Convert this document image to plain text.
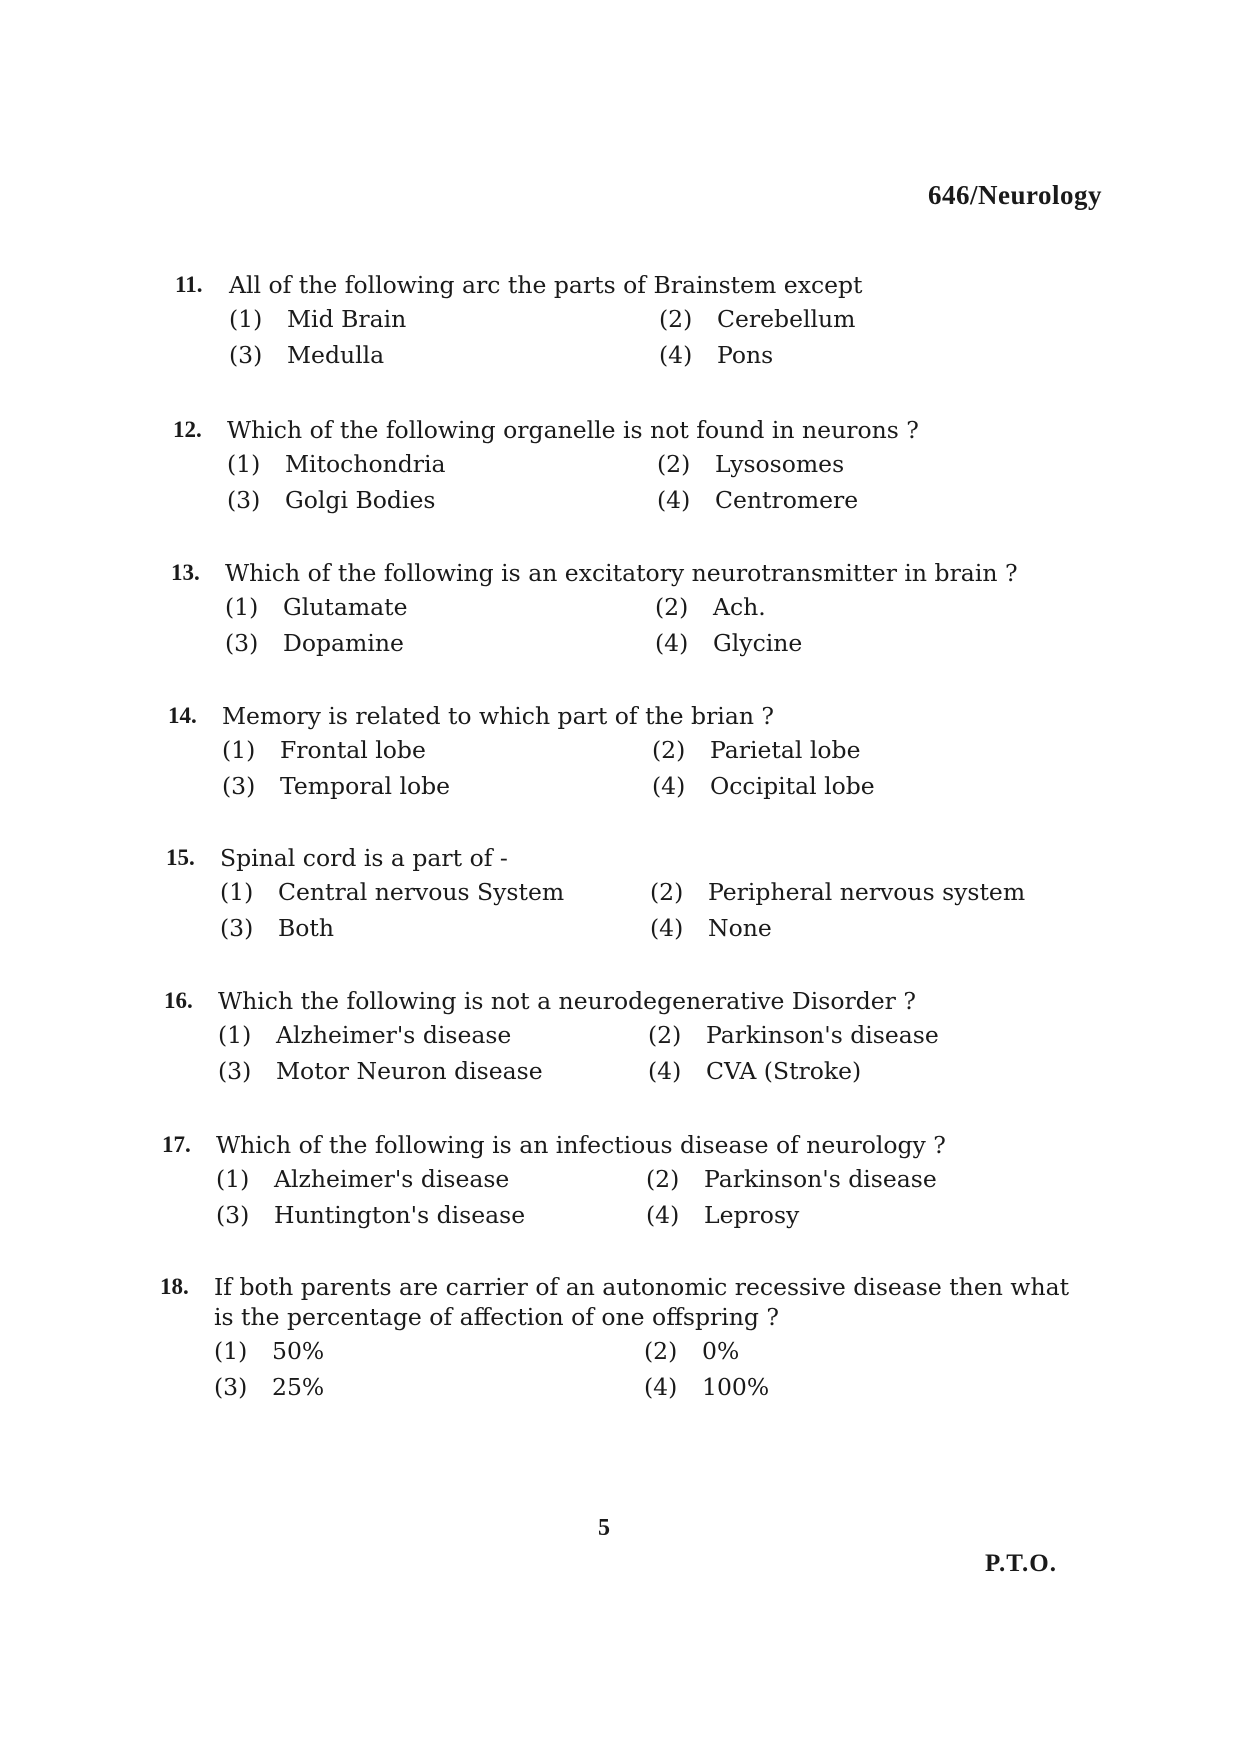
646/Neurology
11.	All of the following arc the parts of Brainstem except
(1)	Mid Brain	(2)	Cerebellum
(3)	Medulla	(4)	Pons
12.	Which of the following organelle is not found in neurons ?
(1)	Mitochondria	(2)	Lysosomes
(3)	Golgi Bodies	(4)	Centromere
13.	Which of the following is an excitatory neurotransmitter in brain ?
(1)	Glutamate	(2)	Ach.
(3)	Dopamine	(4)	Glycine
14.	Memory is related to which part of the brian ?
(1)	Frontal lobe	(2)	Parietal lobe
(3)	Temporal lobe	(4)	Occipital lobe
15.	Spinal cord is a part of -
(1)	Central nervous System	(2)	Peripheral nervous system
(3)	Both	(4)	None
16.	Which the following is not a neurodegenerative Disorder ?
(1)	Alzheimer's disease	(2)	Parkinson's disease
(3)	Motor Neuron disease	(4)	CVA (Stroke)
17.	Which of the following is an infectious disease of neurology ?
(1)	Alzheimer's disease	(2)	Parkinson's disease
(3)	Huntington's disease	(4)	Leprosy
18.	If both parents are carrier of an autonomic recessive disease then what is the percentage of affection of one offspring ?
(1)	50%	(2)	0%
(3)	25%	(4)	100%
5
P.T.O.
